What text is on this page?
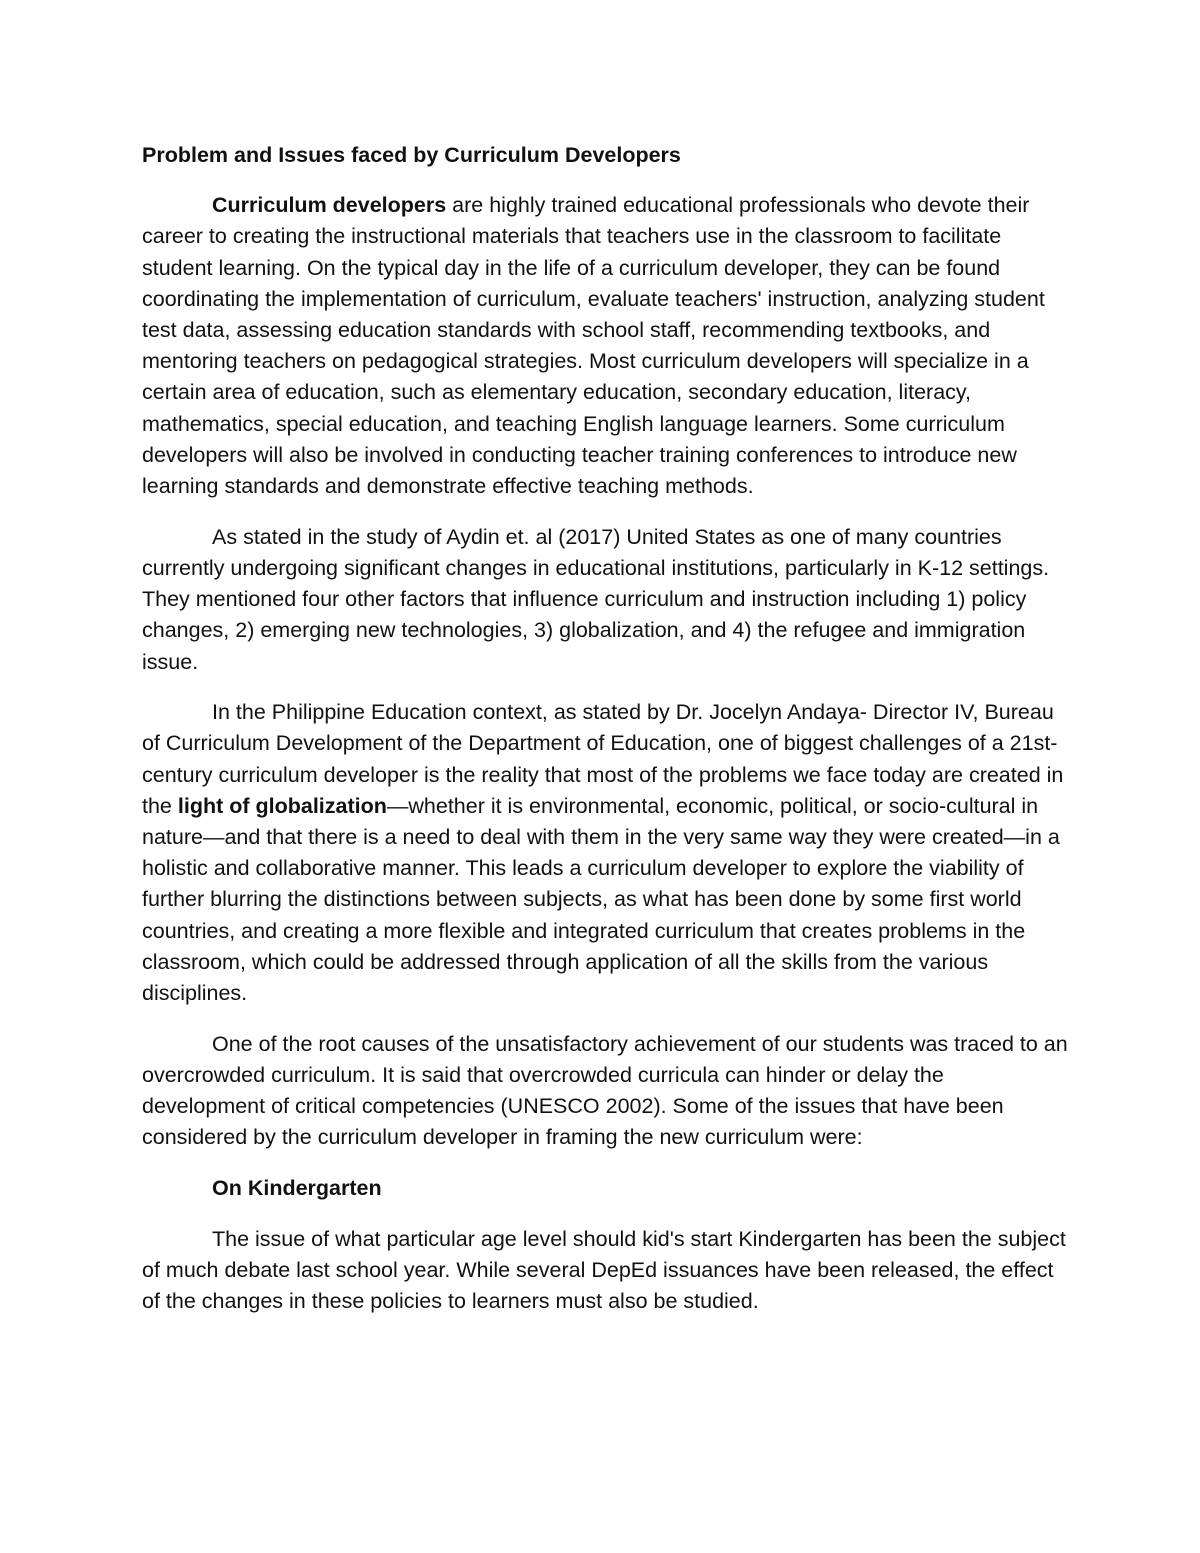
Problem and Issues faced by Curriculum Developers

Curriculum developers are highly trained educational professionals who devote their career to creating the instructional materials that teachers use in the classroom to facilitate student learning. On the typical day in the life of a curriculum developer, they can be found coordinating the implementation of curriculum, evaluate teachers' instruction, analyzing student test data, assessing education standards with school staff, recommending textbooks, and mentoring teachers on pedagogical strategies. Most curriculum developers will specialize in a certain area of education, such as elementary education, secondary education, literacy, mathematics, special education, and teaching English language learners. Some curriculum developers will also be involved in conducting teacher training conferences to introduce new learning standards and demonstrate effective teaching methods.

As stated in the study of Aydin et. al (2017) United States as one of many countries currently undergoing significant changes in educational institutions, particularly in K-12 settings. They mentioned four other factors that influence curriculum and instruction including 1) policy changes, 2) emerging new technologies, 3) globalization, and 4) the refugee and immigration issue.

In the Philippine Education context, as stated by Dr. Jocelyn Andaya- Director IV, Bureau of Curriculum Development of the Department of Education, one of biggest challenges of a 21st-century curriculum developer is the reality that most of the problems we face today are created in the light of globalization—whether it is environmental, economic, political, or socio-cultural in nature—and that there is a need to deal with them in the very same way they were created—in a holistic and collaborative manner. This leads a curriculum developer to explore the viability of further blurring the distinctions between subjects, as what has been done by some first world countries, and creating a more flexible and integrated curriculum that creates problems in the classroom, which could be addressed through application of all the skills from the various disciplines.

One of the root causes of the unsatisfactory achievement of our students was traced to an overcrowded curriculum. It is said that overcrowded curricula can hinder or delay the development of critical competencies (UNESCO 2002). Some of the issues that have been considered by the curriculum developer in framing the new curriculum were:

On Kindergarten

The issue of what particular age level should kid's start Kindergarten has been the subject of much debate last school year. While several DepEd issuances have been released, the effect of the changes in these policies to learners must also be studied.
